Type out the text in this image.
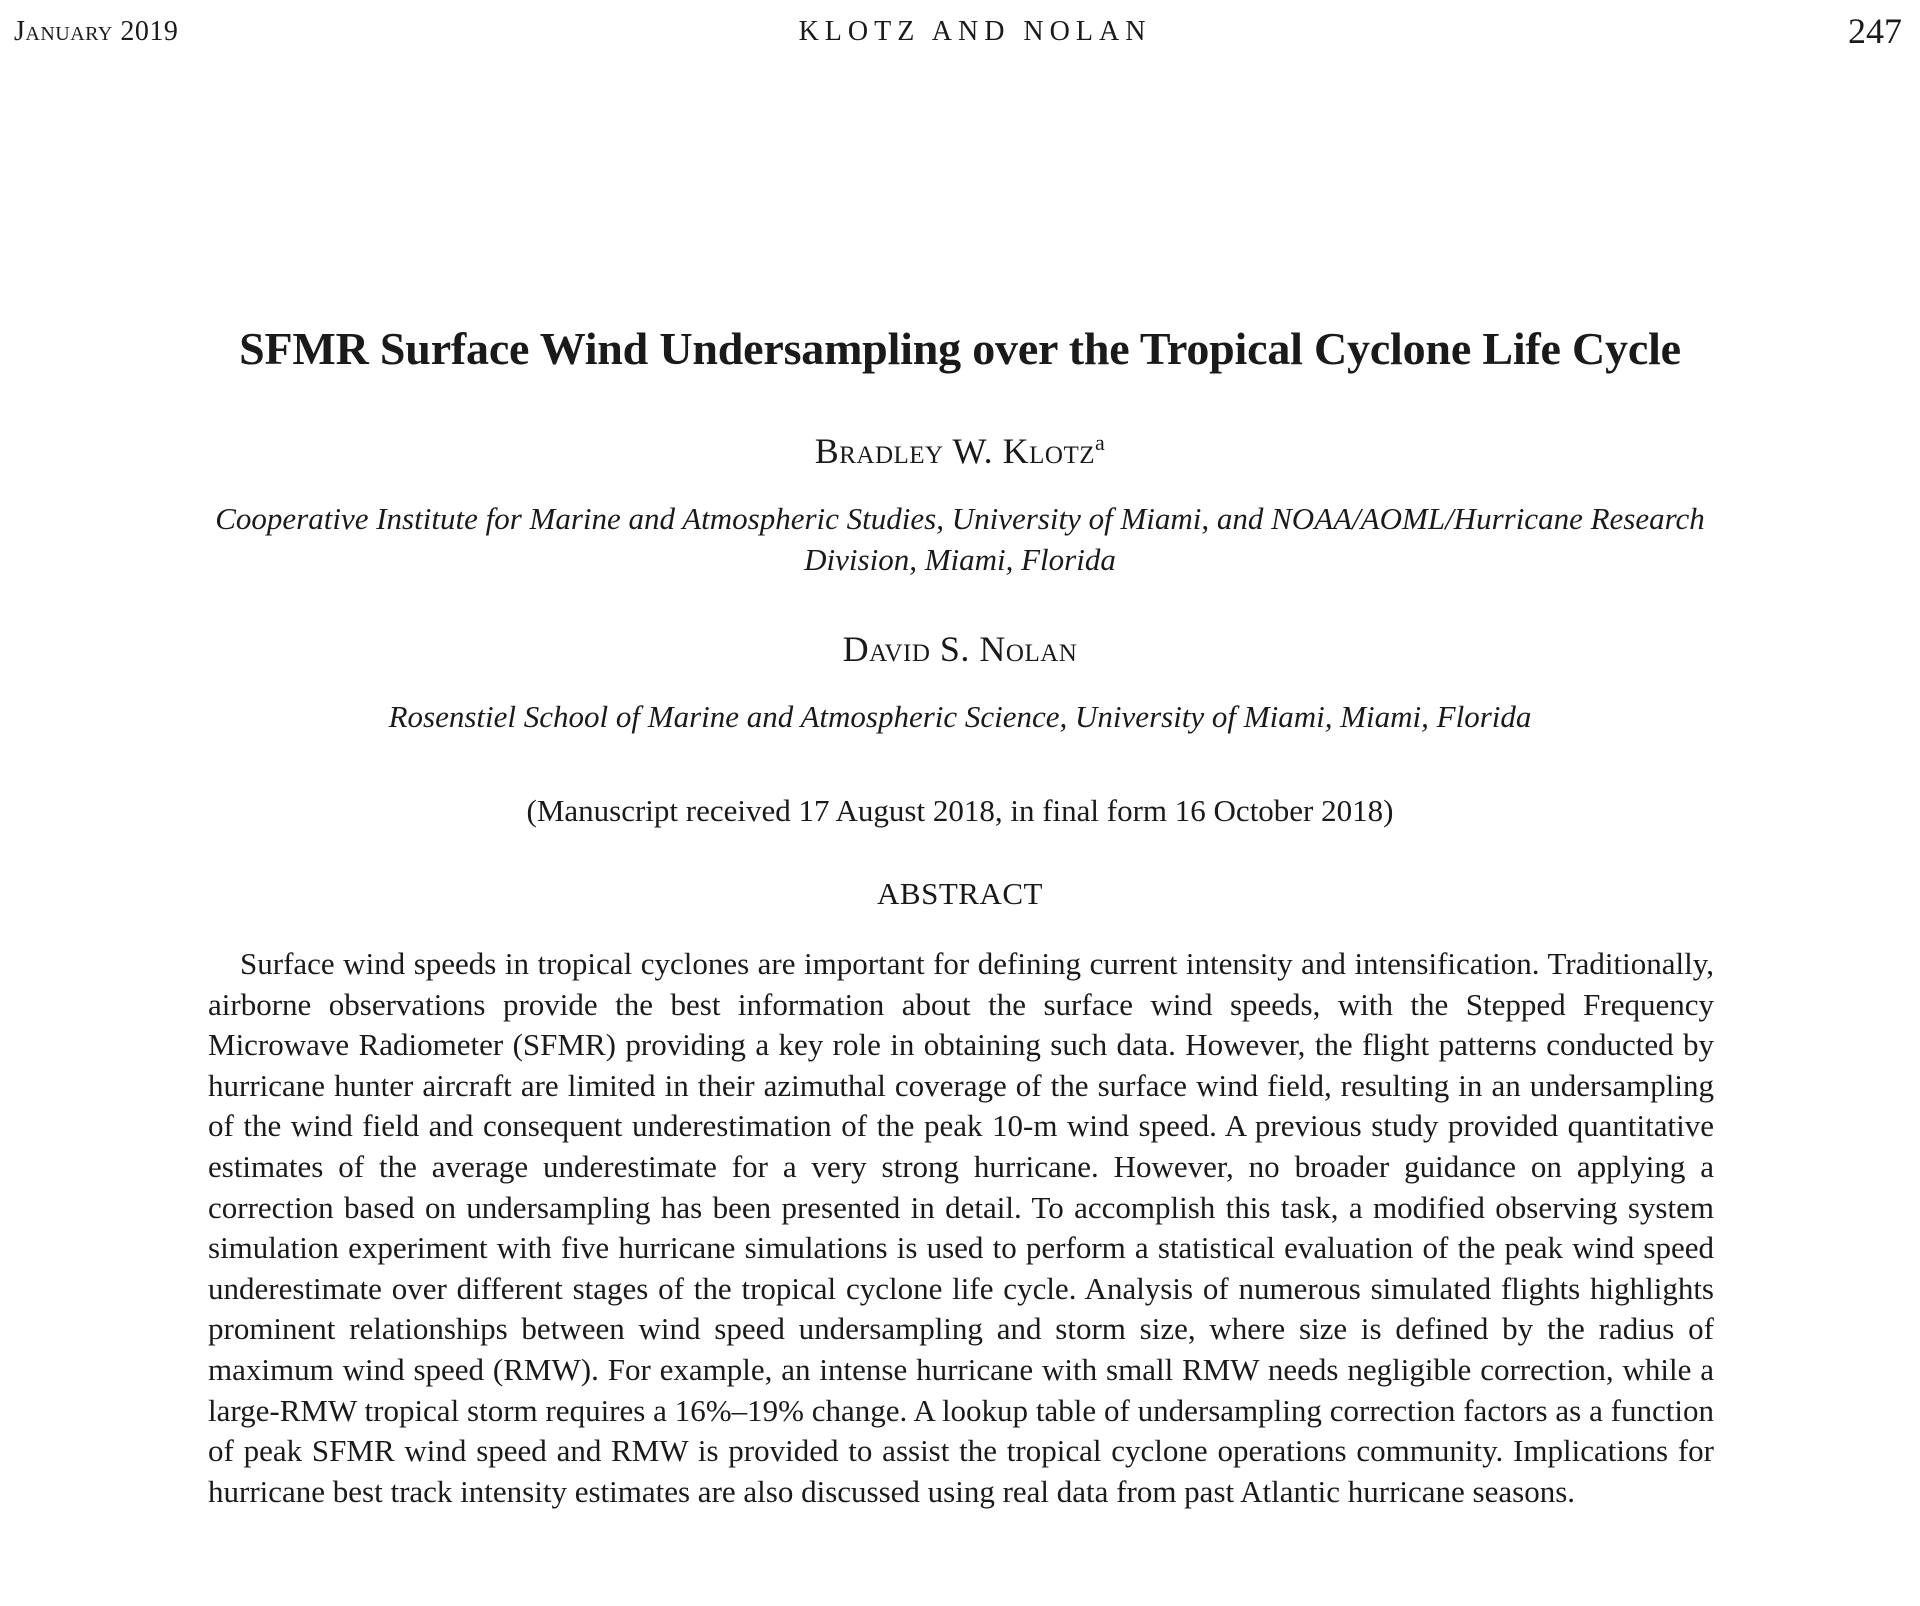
January 2019	KLOTZ AND NOLAN	247
SFMR Surface Wind Undersampling over the Tropical Cyclone Life Cycle
Bradley W. Klotz$^a$
Cooperative Institute for Marine and Atmospheric Studies, University of Miami, and NOAA/AOML/Hurricane Research Division, Miami, Florida
David S. Nolan
Rosenstiel School of Marine and Atmospheric Science, University of Miami, Miami, Florida
(Manuscript received 17 August 2018, in final form 16 October 2018)
ABSTRACT

Surface wind speeds in tropical cyclones are important for defining current intensity and intensification. Traditionally, airborne observations provide the best information about the surface wind speeds, with the Stepped Frequency Microwave Radiometer (SFMR) providing a key role in obtaining such data. However, the flight patterns conducted by hurricane hunter aircraft are limited in their azimuthal coverage of the surface wind field, resulting in an undersampling of the wind field and consequent underestimation of the peak 10-m wind speed. A previous study provided quantitative estimates of the average underestimate for a very strong hurricane. However, no broader guidance on applying a correction based on undersampling has been presented in detail. To accomplish this task, a modified observing system simulation experiment with five hurricane simulations is used to perform a statistical evaluation of the peak wind speed underestimate over different stages of the tropical cyclone life cycle. Analysis of numerous simulated flights highlights prominent relationships between wind speed undersampling and storm size, where size is defined by the radius of maximum wind speed (RMW). For example, an intense hurricane with small RMW needs negligible correction, while a large-RMW tropical storm requires a 16%–19% change. A lookup table of undersampling correction factors as a function of peak SFMR wind speed and RMW is provided to assist the tropical cyclone operations community. Implications for hurricane best track intensity estimates are also discussed using real data from past Atlantic hurricane seasons.
